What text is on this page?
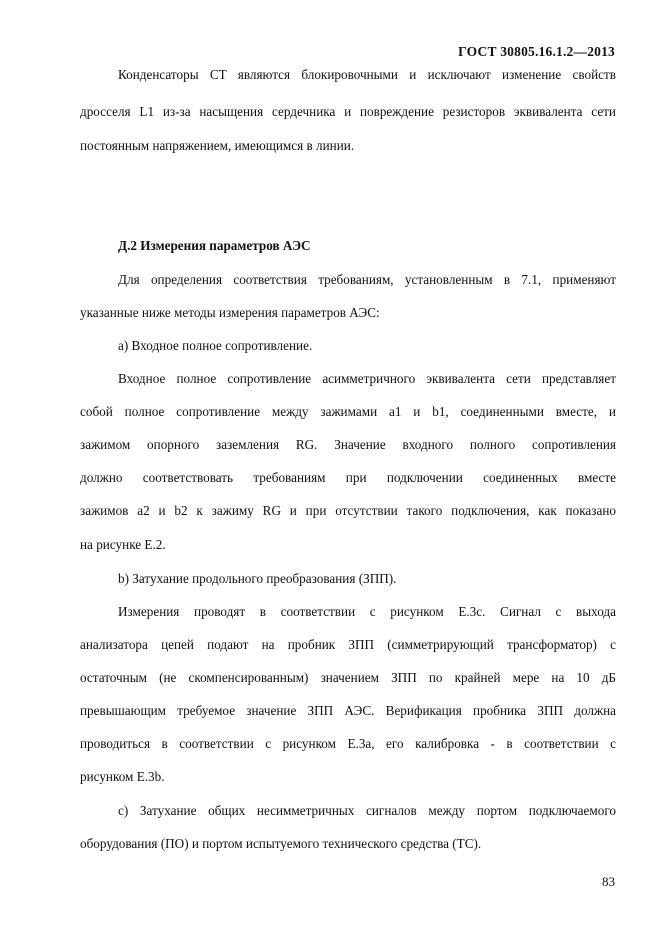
ГОСТ 30805.16.1.2—2013
Конденсаторы CT являются блокировочными и исключают изменение свойств
дросселя L1 из-за насыщения сердечника и повреждение резисторов эквивалента сети
постоянным напряжением, имеющимся в линии.
Д.2 Измерения параметров АЭС
Для определения соответствия требованиям, установленным в 7.1, применяют
указанные ниже методы измерения параметров АЭС:
а) Входное полное сопротивление.
Входное полное сопротивление асимметричного эквивалента сети представляет
собой полное сопротивление между зажимами a1 и b1, соединенными вместе, и
зажимом опорного заземления RG. Значение входного полного сопротивления
должно соответствовать требованиям при подключении соединенных вместе
зажимов a2 и b2 к зажиму RG и при отсутствии такого подключения, как показано
на рисунке Е.2.
b) Затухание продольного преобразования (ЗПП).
Измерения проводят в соответствии с рисунком Е.3с. Сигнал с выхода
анализатора цепей подают на пробник ЗПП (симметрирующий трансформатор) с
остаточным (не скомпенсированным) значением ЗПП по крайней мере на 10 дБ
превышающим требуемое значение ЗПП АЭС. Верификация пробника ЗПП должна
проводиться в соответствии с рисунком Е.3а, его калибровка - в соответствии с
рисунком Е.3b.
с) Затухание общих несимметричных сигналов между портом подключаемого
оборудования (ПО) и портом испытуемого технического средства (ТС).
83
